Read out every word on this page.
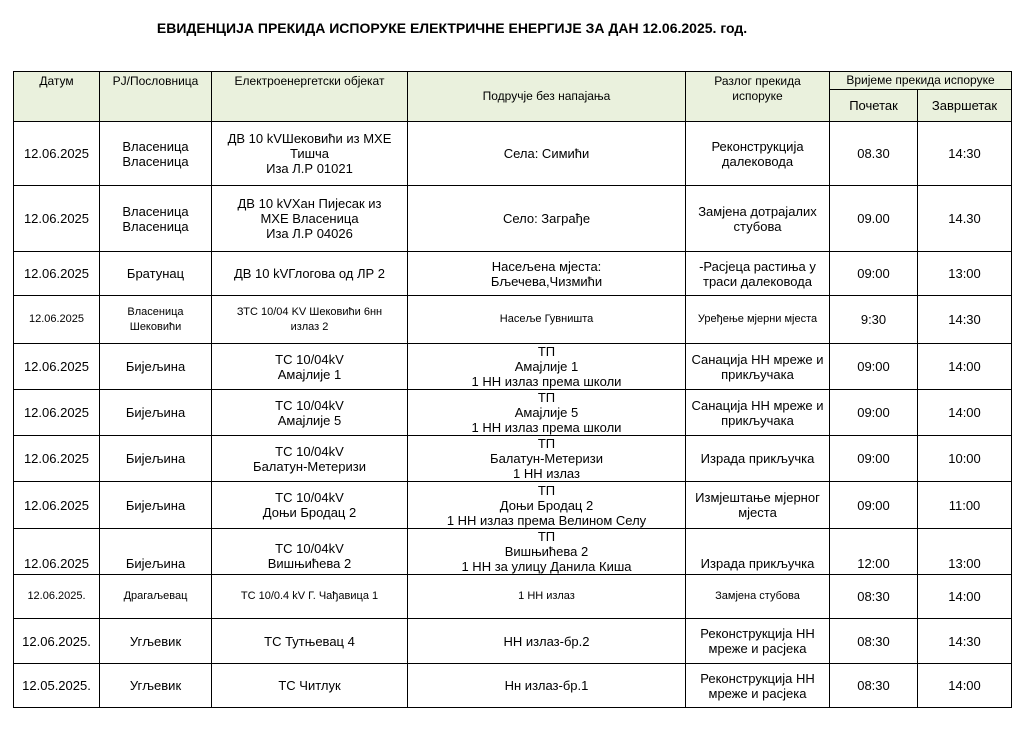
ЕВИДЕНЦИЈА ПРЕКИДА ИСПОРУКЕ ЕЛЕКТРИЧНЕ ЕНЕРГИЈЕ ЗА ДАН 12.06.2025. год.
Датум	РЈ/Пословница	Електроенергетски објекат	Подручје без напајања	Разлог прекида испоруке	Вријеме прекида испоруке	
					Почетак	Завршетак
12.06.2025	Власеница
Власеница	ДВ 10 kVШековићи из МХЕ
Тишча
Иза Л.Р 01021	Села: Симићи	Реконструкција
далековода	08.30	14:30
12.06.2025	Власеница
Власеница	ДВ 10 kVХан Пијесак из
МХЕ Власеница
Иза Л.Р 04026	Село: Заграђе	Замјена дотрајалих
стубова	09.00	14.30
12.06.2025	Братунац	ДВ 10 kVГлогова од ЛР 2	Насељена мјеста:
Бљечева,Чизмићи	-Расјеца растиња у
траси далековода	09:00	13:00
12.06.2025	Власеница
Шековићи	ЗТС 10/04 KV Шековићи 6нн
излаз 2	Насеље Гувништа	Уређење мјерни мјеста	9:30	14:30
12.06.2025	Бијељина	ТС 10/04kV
Амајлије 1	ТП
Амајлије 1
1 НН излаз према школи	Санација НН мреже и
прикључака	09:00	14:00
12.06.2025	Бијељина	ТС 10/04kV
Амајлије 5	ТП
Амајлије 5
1 НН излаз према школи	Санација НН мреже и
прикључака	09:00	14:00
12.06.2025	Бијељина	ТС 10/04kV
Балатун-Метеризи	ТП
Балатун-Метеризи
1 НН излаз	Израда прикључка	09:00	10:00
12.06.2025	Бијељина	ТС 10/04kV
Доњи Бродац 2	ТП
Доњи Бродац 2
1 НН излаз према Велином Селу	Измјештање мјерног
мјеста	09:00	11:00
12.06.2025	Бијељина	ТС 10/04kV
Вишњићева 2	ТП
Вишњићева 2
1 НН за улицу Данила Киша	Израда прикључка	12:00	13:00
12.06.2025.	Драгаљевац	ТС 10/0.4 kV Г. Чађавица 1	1 НН излаз	Замјена стубова	08:30	14:00
12.06.2025.	Угљевик	ТС Тутњевац 4	НН излаз-бр.2	Реконструкција НН
мреже и расјека	08:30	14:30
12.05.2025.	Угљевик	ТС Читлук	Нн излаз-бр.1	Реконструкција НН
мреже и расјека	08:30	14:00
